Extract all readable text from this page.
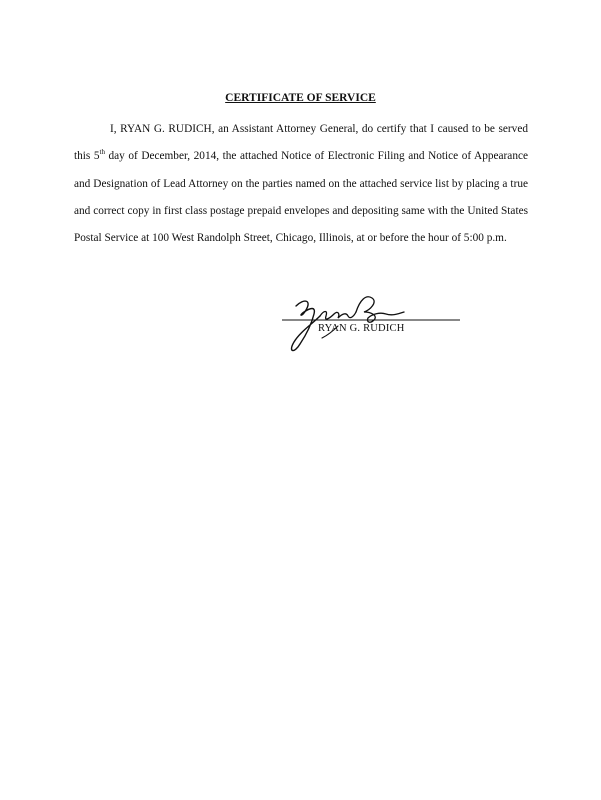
CERTIFICATE OF SERVICE

I, RYAN G. RUDICH, an Assistant Attorney General, do certify that I caused to be served this 5th day of December, 2014, the attached Notice of Electronic Filing and Notice of Appearance and Designation of Lead Attorney on the parties named on the attached service list by placing a true and correct copy in first class postage prepaid envelopes and depositing same with the United States Postal Service at 100 West Randolph Street, Chicago, Illinois, at or before the hour of 5:00 p.m.

RYAN G. RUDICH
